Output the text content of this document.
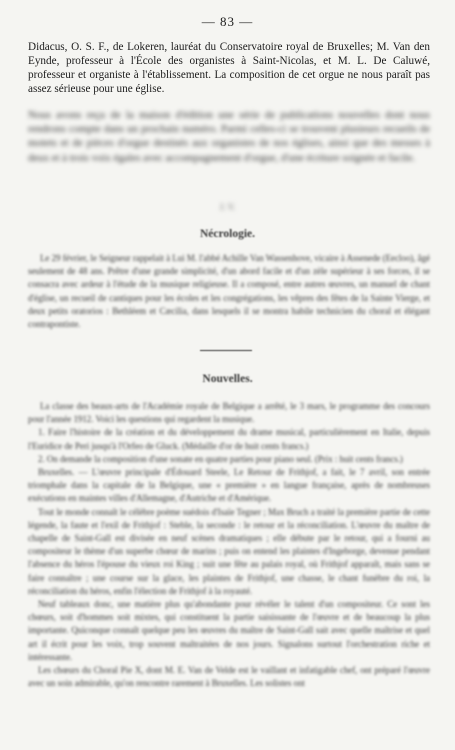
— 83 —
Didacus, O. S. F., de Lokeren, lauréat du Conservatoire royal de Bruxelles; M. Van den Eynde, professeur à l'École des organistes à Saint-Nicolas, et M. L. De Caluwé, professeur et organiste à l'établissement. La composition de cet orgue ne nous paraît pas assez sérieuse pour une église.
Nous avons reçu de la maison d'édition une série de publications nouvelles dont nous rendrons compte dans un prochain numéro. Parmi celles-ci se trouvent plusieurs recueils de motets et de pièces d'orgue destinés aux organistes de nos églises, ainsi que des messes à deux et à trois voix égales avec accompagnement d'orgue, d'une écriture soignée et facile.
J. V.
Nécrologie.

Le 29 février, le Seigneur rappelait à Lui M. l'abbé Achille Van Wassenhove, vicaire à Assenede (Eecloo), âgé seulement de 48 ans. Prêtre d'une grande simplicité, d'un abord facile et d'un zèle supérieur à ses forces, il se consacra avec ardeur à l'étude de la musique religieuse. Il a composé, entre autres œuvres, un manuel de chant d'église, un recueil de cantiques pour les écoles et les congrégations, les vêpres des fêtes de la Sainte Vierge, et deux petits oratorios : Bethléem et Cæcilia, dans lesquels il se montra habile technicien du choral et élégant contrapontiste.

Nouvelles.

La classe des beaux-arts de l'Académie royale de Belgique a arrêté, le 3 mars, le programme des concours pour l'année 1912. Voici les questions qui regardent la musique.

1. Faire l'histoire de la création et du développement du drame musical, particulièrement en Italie, depuis l'Euridice de Peri jusqu'à l'Orfeo de Gluck. (Médaille d'or de huit cents francs.)

2. On demande la composition d'une sonate en quatre parties pour piano seul. (Prix : huit cents francs.)

Bruxelles. — L'œuvre principale d'Édouard Steele, Le Retour de Frithjof, a fait, le 7 avril, son entrée triomphale dans la capitale de la Belgique, une « première » en langue française, après de nombreuses exécutions en maintes villes d'Allemagne, d'Autriche et d'Amérique.

Tout le monde connaît le célèbre poème suédois d'Isaïe Tegner ; Max Bruch a traité la première partie de cette légende, la faute et l'exil de Frithjof : Steble, la seconde : le retour et la réconciliation. L'œuvre du maître de chapelle de Saint-Gall est divisée en neuf scènes dramatiques ; elle débute par le retour, qui a fourni au compositeur le thème d'un superbe chœur de marins ; puis on entend les plaintes d'Ingeborge, devenue pendant l'absence du héros l'épouse du vieux roi King ; suit une fête au palais royal, où Frithjof apparaît, mais sans se faire connaître ; une course sur la glace, les plaintes de Frithjof, une chasse, le chant funèbre du roi, la réconciliation du héros, enfin l'élection de Frithjof à la royauté.

Neuf tableaux donc, une matière plus qu'abondante pour révéler le talent d'un compositeur. Ce sont les chœurs, soit d'hommes soit mixtes, qui constituent la partie saisissante de l'œuvre et de beaucoup la plus importante. Quiconque connaît quelque peu les œuvres du maître de Saint-Gall sait avec quelle maîtrise et quel art il écrit pour les voix, trop souvent maltraitées de nos jours. Signalons surtout l'orchestration riche et intéressante.

Les chœurs du Choral Pie X, dont M. E. Van de Velde est le vaillant et infatigable chef, ont préparé l'œuvre avec un soin admirable, qu'on rencontre rarement à Bruxelles. Les solistes ont
